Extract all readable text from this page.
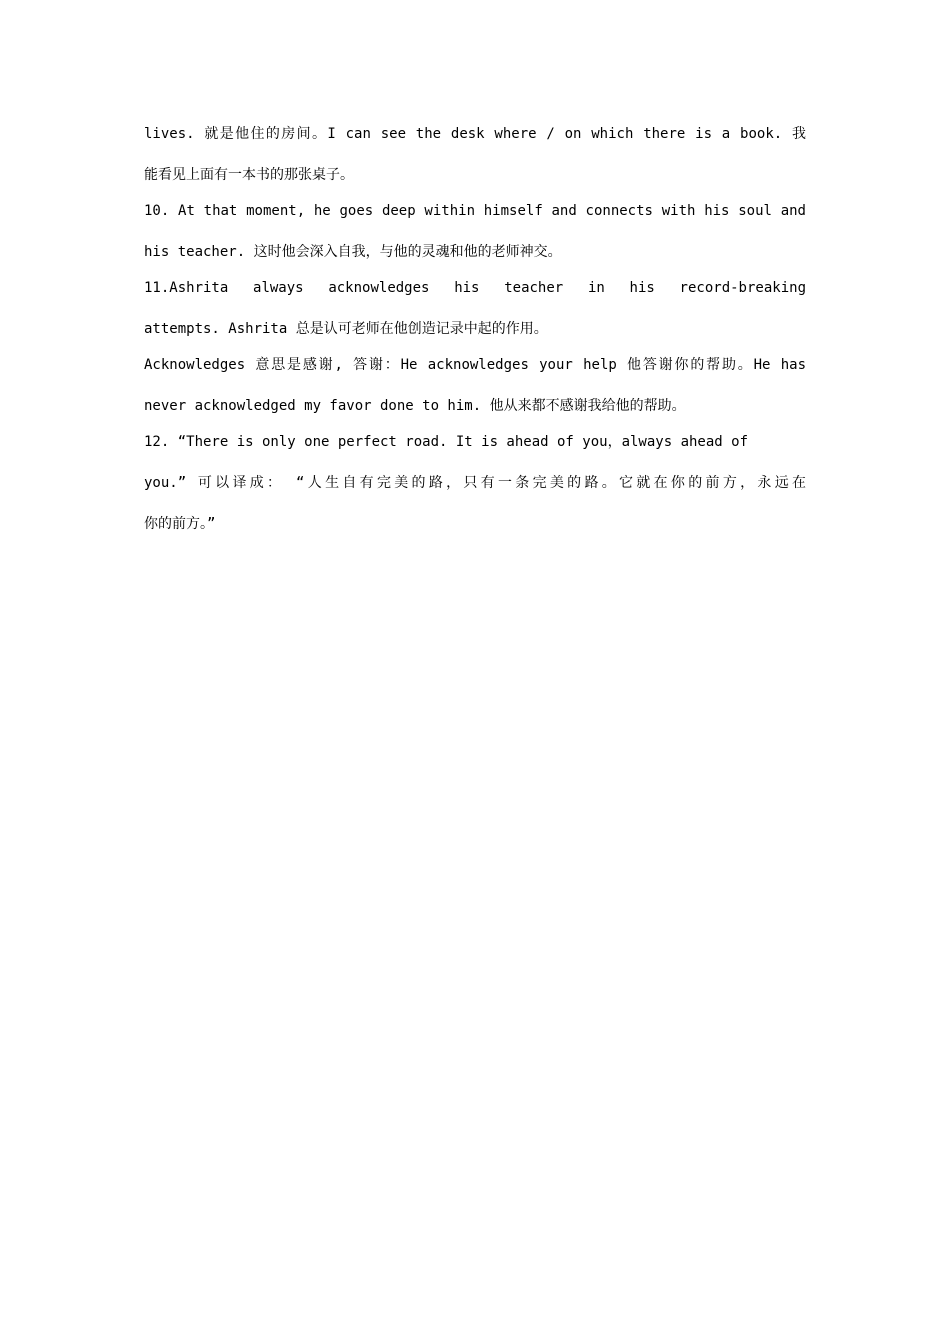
lives. 就是他住的房间。I can see the desk where / on which there is a book. 我
能看见上面有一本书的那张桌子。
10. At that moment, he goes deep within himself and connects with his soul and
his teacher. 这时他会深入自我，与他的灵魂和他的老师神交。
11.Ashrita always acknowledges his teacher in his record-breaking
attempts. Ashrita 总是认可老师在他创造记录中起的作用。
Acknowledges 意思是感谢, 答谢：He acknowledges your help 他答谢你的帮助。He has
never acknowledged my favor done to him. 他从来都不感谢我给他的帮助。
12. “There is only one perfect road. It is ahead of you，always ahead of
you.” 可以译成： “人生自有完美的路，只有一条完美的路。它就在你的前方，永远在
你的前方。”
